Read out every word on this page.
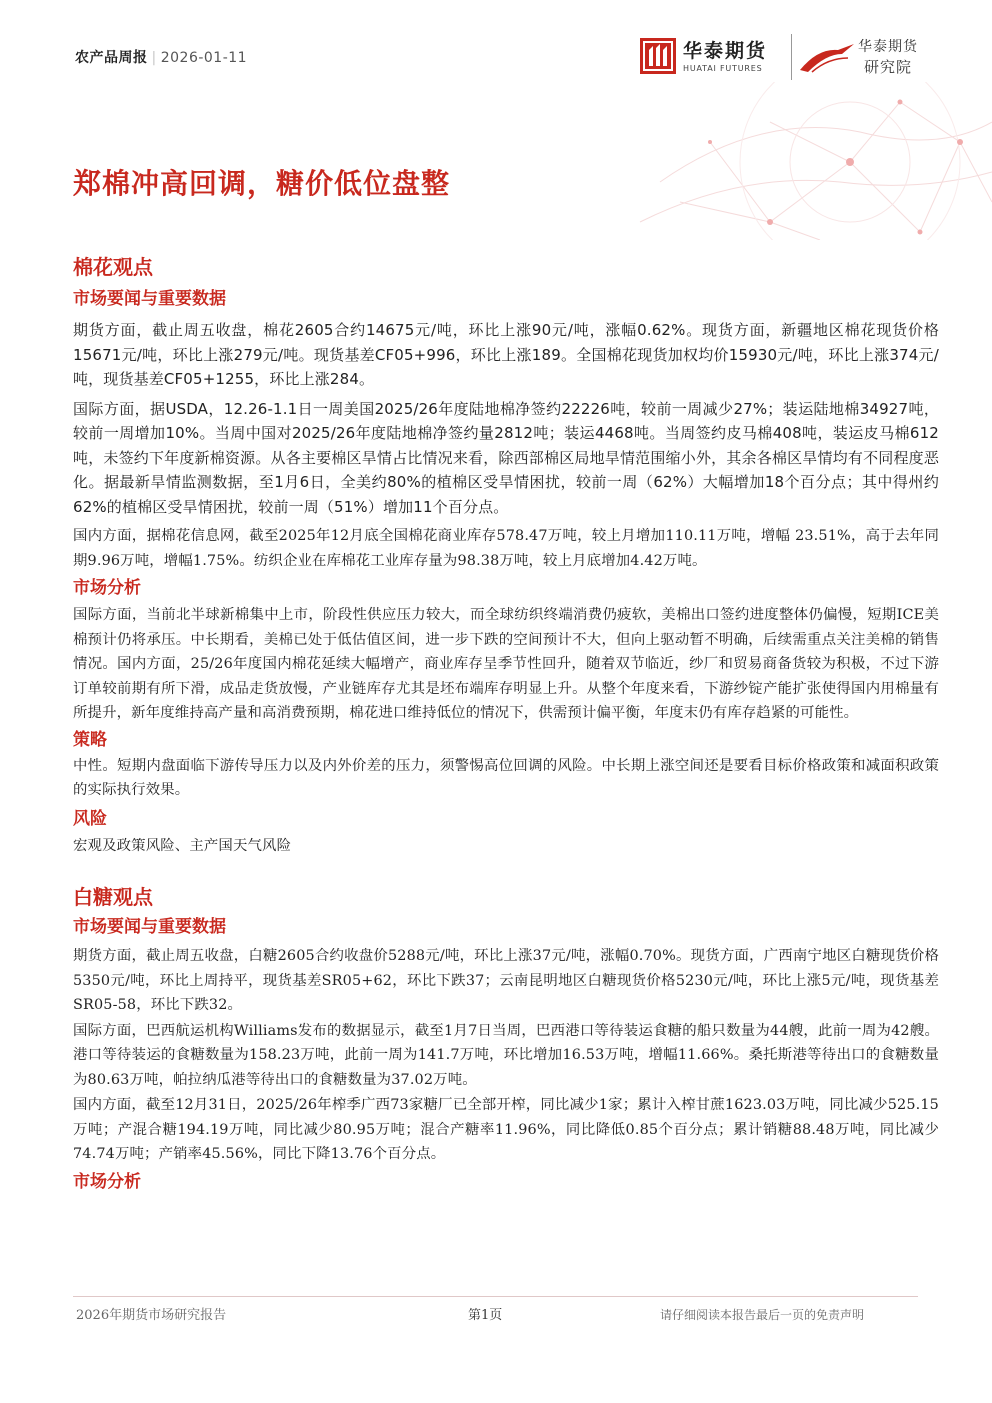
农产品周报 | 2026-01-11	华泰期货
HUATAI FUTURES
华泰期货
研究院
郑棉冲高回调，糖价低位盘整
棉花观点
市场要闻与重要数据

期货方面，截止周五收盘，棉花2605合约14675元/吨，环比上涨90元/吨，涨幅0.62%。现货方面，新疆地区棉花现货价格15671元/吨，环比上涨279元/吨。现货基差CF05+996，环比上涨189。全国棉花现货加权均价15930元/吨，环比上涨374元/吨，现货基差CF05+1255，环比上涨284。

国际方面，据USDA，12.26-1.1日一周美国2025/26年度陆地棉净签约22226吨，较前一周减少27%；装运陆地棉34927吨，较前一周增加10%。当周中国对2025/26年度陆地棉净签约量2812吨；装运4468吨。当周签约皮马棉408吨，装运皮马棉612吨，未签约下年度新棉资源。从各主要棉区旱情占比情况来看，除西部棉区局地旱情范围缩小外，其余各棉区旱情均有不同程度恶化。据最新旱情监测数据，至1月6日，全美约80%的植棉区受旱情困扰，较前一周（62%）大幅增加18个百分点；其中得州约62%的植棉区受旱情困扰，较前一周（51%）增加11个百分点。

国内方面，据棉花信息网，截至2025年12月底全国棉花商业库存578.47万吨，较上月增加110.11万吨，增幅 23.51%，高于去年同期9.96万吨，增幅1.75%。纺织企业在库棉花工业库存量为98.38万吨，较上月底增加4.42万吨。

市场分析

国际方面，当前北半球新棉集中上市，阶段性供应压力较大，而全球纺织终端消费仍疲软，美棉出口签约进度整体仍偏慢，短期ICE美棉预计仍将承压。中长期看，美棉已处于低估值区间，进一步下跌的空间预计不大，但向上驱动暂不明确，后续需重点关注美棉的销售情况。国内方面，25/26年度国内棉花延续大幅增产，商业库存呈季节性回升，随着双节临近，纱厂和贸易商备货较为积极，不过下游订单较前期有所下滑，成品走货放慢，产业链库存尤其是坯布端库存明显上升。从整个年度来看，下游纱锭产能扩张使得国内用棉量有所提升，新年度维持高产量和高消费预期，棉花进口维持低位的情况下，供需预计偏平衡，年度末仍有库存趋紧的可能性。

策略

中性。短期内盘面临下游传导压力以及内外价差的压力，须警惕高位回调的风险。中长期上涨空间还是要看目标价格政策和减面积政策的实际执行效果。

风险

宏观及政策风险、主产国天气风险

白糖观点
市场要闻与重要数据

期货方面，截止周五收盘，白糖2605合约收盘价5288元/吨，环比上涨37元/吨，涨幅0.70%。现货方面，广西南宁地区白糖现货价格5350元/吨，环比上周持平，现货基差SR05+62，环比下跌37；云南昆明地区白糖现货价格5230元/吨，环比上涨5元/吨，现货基差SR05-58，环比下跌32。

国际方面，巴西航运机构Williams发布的数据显示，截至1月7日当周，巴西港口等待装运食糖的船只数量为44艘，此前一周为42艘。港口等待装运的食糖数量为158.23万吨，此前一周为141.7万吨，环比增加16.53万吨，增幅11.66%。桑托斯港等待出口的食糖数量为80.63万吨，帕拉纳瓜港等待出口的食糖数量为37.02万吨。

国内方面，截至12月31日，2025/26年榨季广西73家糖厂已全部开榨，同比减少1家；累计入榨甘蔗1623.03万吨，同比减少525.15万吨；产混合糖194.19万吨，同比减少80.95万吨；混合产糖率11.96%，同比降低0.85个百分点；累计销糖88.48万吨，同比减少74.74万吨；产销率45.56%，同比下降13.76个百分点。

市场分析
2026年期货市场研究报告	第1页	请仔细阅读本报告最后一页的免责声明
